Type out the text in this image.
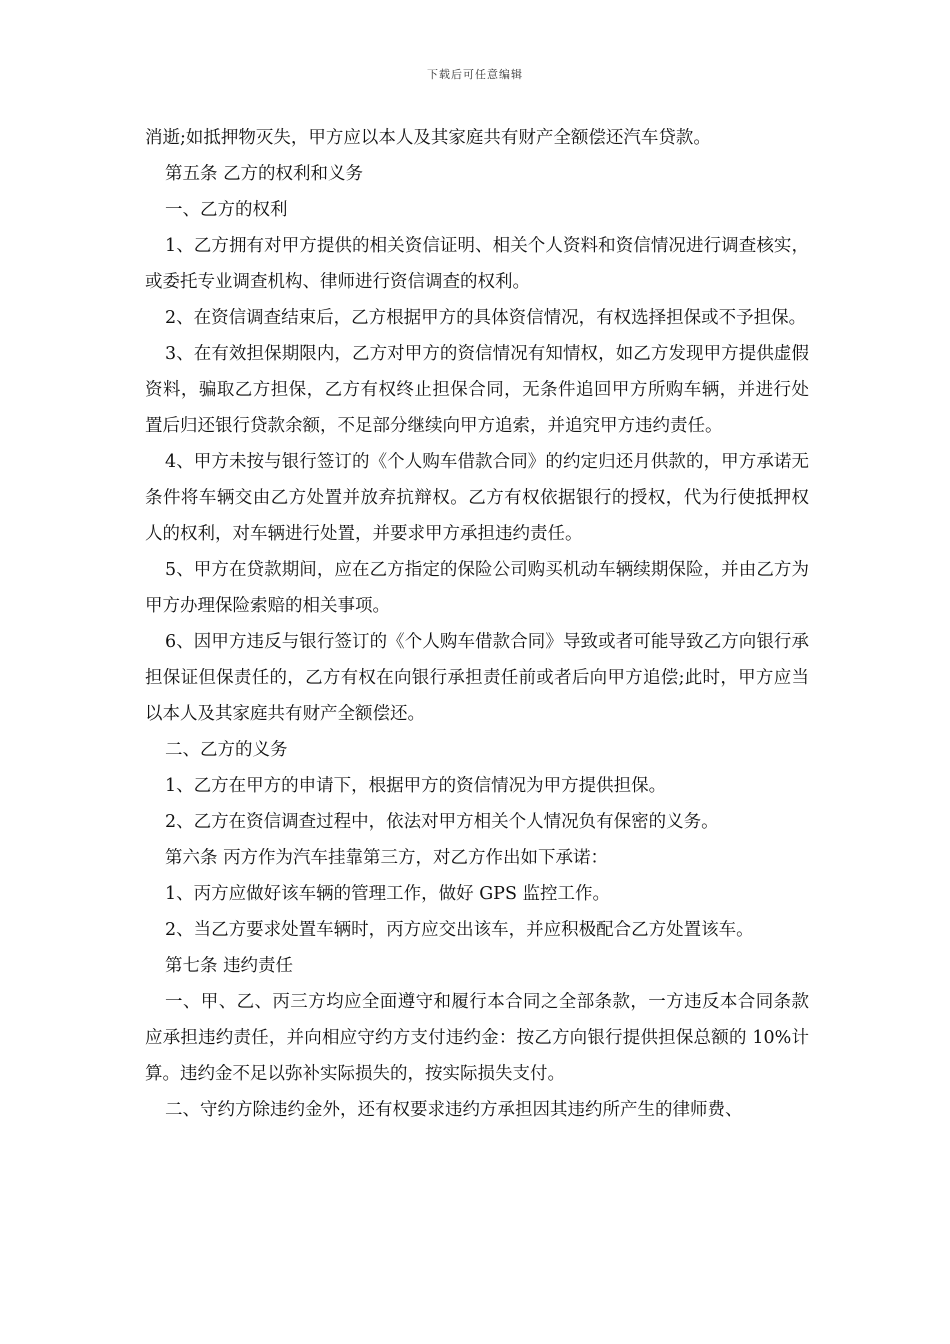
下载后可任意编辑

消逝;如抵押物灭失，甲方应以本人及其家庭共有财产全额偿还汽车贷款。

第五条 乙方的权利和义务

一、乙方的权利

1、乙方拥有对甲方提供的相关资信证明、相关个人资料和资信情况进行调查核实，或委托专业调查机构、律师进行资信调查的权利。

2、在资信调查结束后，乙方根据甲方的具体资信情况，有权选择担保或不予担保。

3、在有效担保期限内，乙方对甲方的资信情况有知情权，如乙方发现甲方提供虚假资料，骗取乙方担保，乙方有权终止担保合同，无条件追回甲方所购车辆，并进行处置后归还银行贷款余额，不足部分继续向甲方追索，并追究甲方违约责任。

4、甲方未按与银行签订的《个人购车借款合同》的约定归还月供款的，甲方承诺无条件将车辆交由乙方处置并放弃抗辩权。乙方有权依据银行的授权，代为行使抵押权人的权利，对车辆进行处置，并要求甲方承担违约责任。

5、甲方在贷款期间，应在乙方指定的保险公司购买机动车辆续期保险，并由乙方为甲方办理保险索赔的相关事项。

6、因甲方违反与银行签订的《个人购车借款合同》导致或者可能导致乙方向银行承担保证但保责任的，乙方有权在向银行承担责任前或者后向甲方追偿;此时，甲方应当以本人及其家庭共有财产全额偿还。

二、乙方的义务

1、乙方在甲方的申请下，根据甲方的资信情况为甲方提供担保。

2、乙方在资信调查过程中，依法对甲方相关个人情况负有保密的义务。

第六条 丙方作为汽车挂靠第三方，对乙方作出如下承诺：

1、丙方应做好该车辆的管理工作，做好 GPS 监控工作。

2、当乙方要求处置车辆时，丙方应交出该车，并应积极配合乙方处置该车。

第七条 违约责任

一、甲、乙、丙三方均应全面遵守和履行本合同之全部条款，一方违反本合同条款应承担违约责任，并向相应守约方支付违约金：按乙方向银行提供担保总额的 10%计算。违约金不足以弥补实际损失的，按实际损失支付。

二、守约方除违约金外，还有权要求违约方承担因其违约所产生的律师费、
